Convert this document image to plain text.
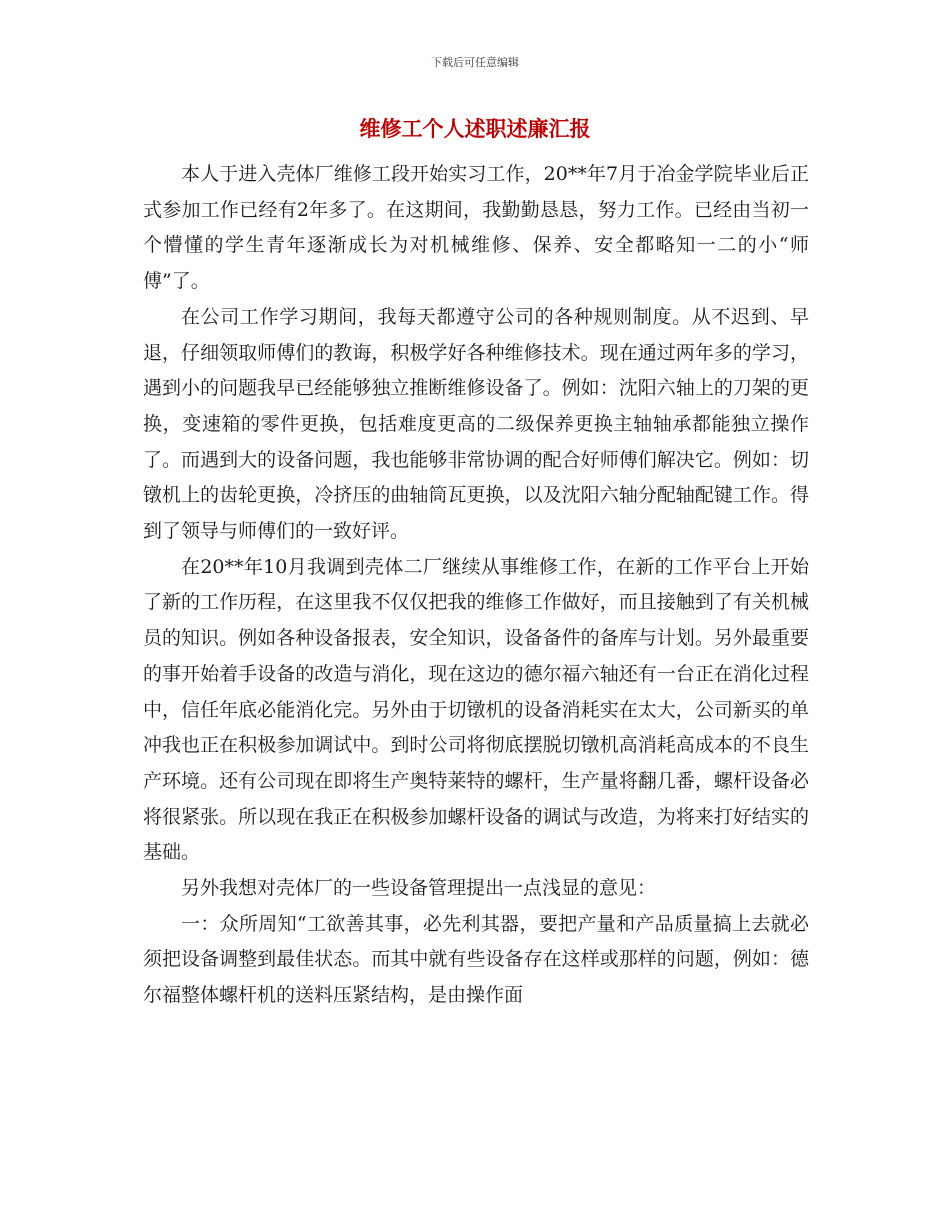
下载后可任意编辑
维修工个人述职述廉汇报

本人于进入壳体厂维修工段开始实习工作，20**年7月于冶金学院毕业后正式参加工作已经有2年多了。在这期间，我勤勤恳恳，努力工作。已经由当初一个懵懂的学生青年逐渐成长为对机械维修、保养、安全都略知一二的小“师傅”了。

在公司工作学习期间，我每天都遵守公司的各种规则制度。从不迟到、早退，仔细领取师傅们的教诲，积极学好各种维修技术。现在通过两年多的学习，遇到小的问题我早已经能够独立推断维修设备了。例如：沈阳六轴上的刀架的更换，变速箱的零件更换，包括难度更高的二级保养更换主轴轴承都能独立操作了。而遇到大的设备问题，我也能够非常协调的配合好师傅们解决它。例如：切镦机上的齿轮更换，冷挤压的曲轴筒瓦更换，以及沈阳六轴分配轴配键工作。得到了领导与师傅们的一致好评。

在20**年10月我调到壳体二厂继续从事维修工作，在新的工作平台上开始了新的工作历程，在这里我不仅仅把我的维修工作做好，而且接触到了有关机械员的知识。例如各种设备报表，安全知识，设备备件的备库与计划。另外最重要的事开始着手设备的改造与消化，现在这边的德尔福六轴还有一台正在消化过程中，信任年底必能消化完。另外由于切镦机的设备消耗实在太大，公司新买的单冲我也正在积极参加调试中。到时公司将彻底摆脱切镦机高消耗高成本的不良生产环境。还有公司现在即将生产奥特莱特的螺杆，生产量将翻几番，螺杆设备必将很紧张。所以现在我正在积极参加螺杆设备的调试与改造，为将来打好结实的基础。

另外我想对壳体厂的一些设备管理提出一点浅显的意见：

一：众所周知“工欲善其事，必先利其器，要把产量和产品质量搞上去就必须把设备调整到最佳状态。而其中就有些设备存在这样或那样的问题，例如：德尔福整体螺杆机的送料压紧结构，是由操作面
